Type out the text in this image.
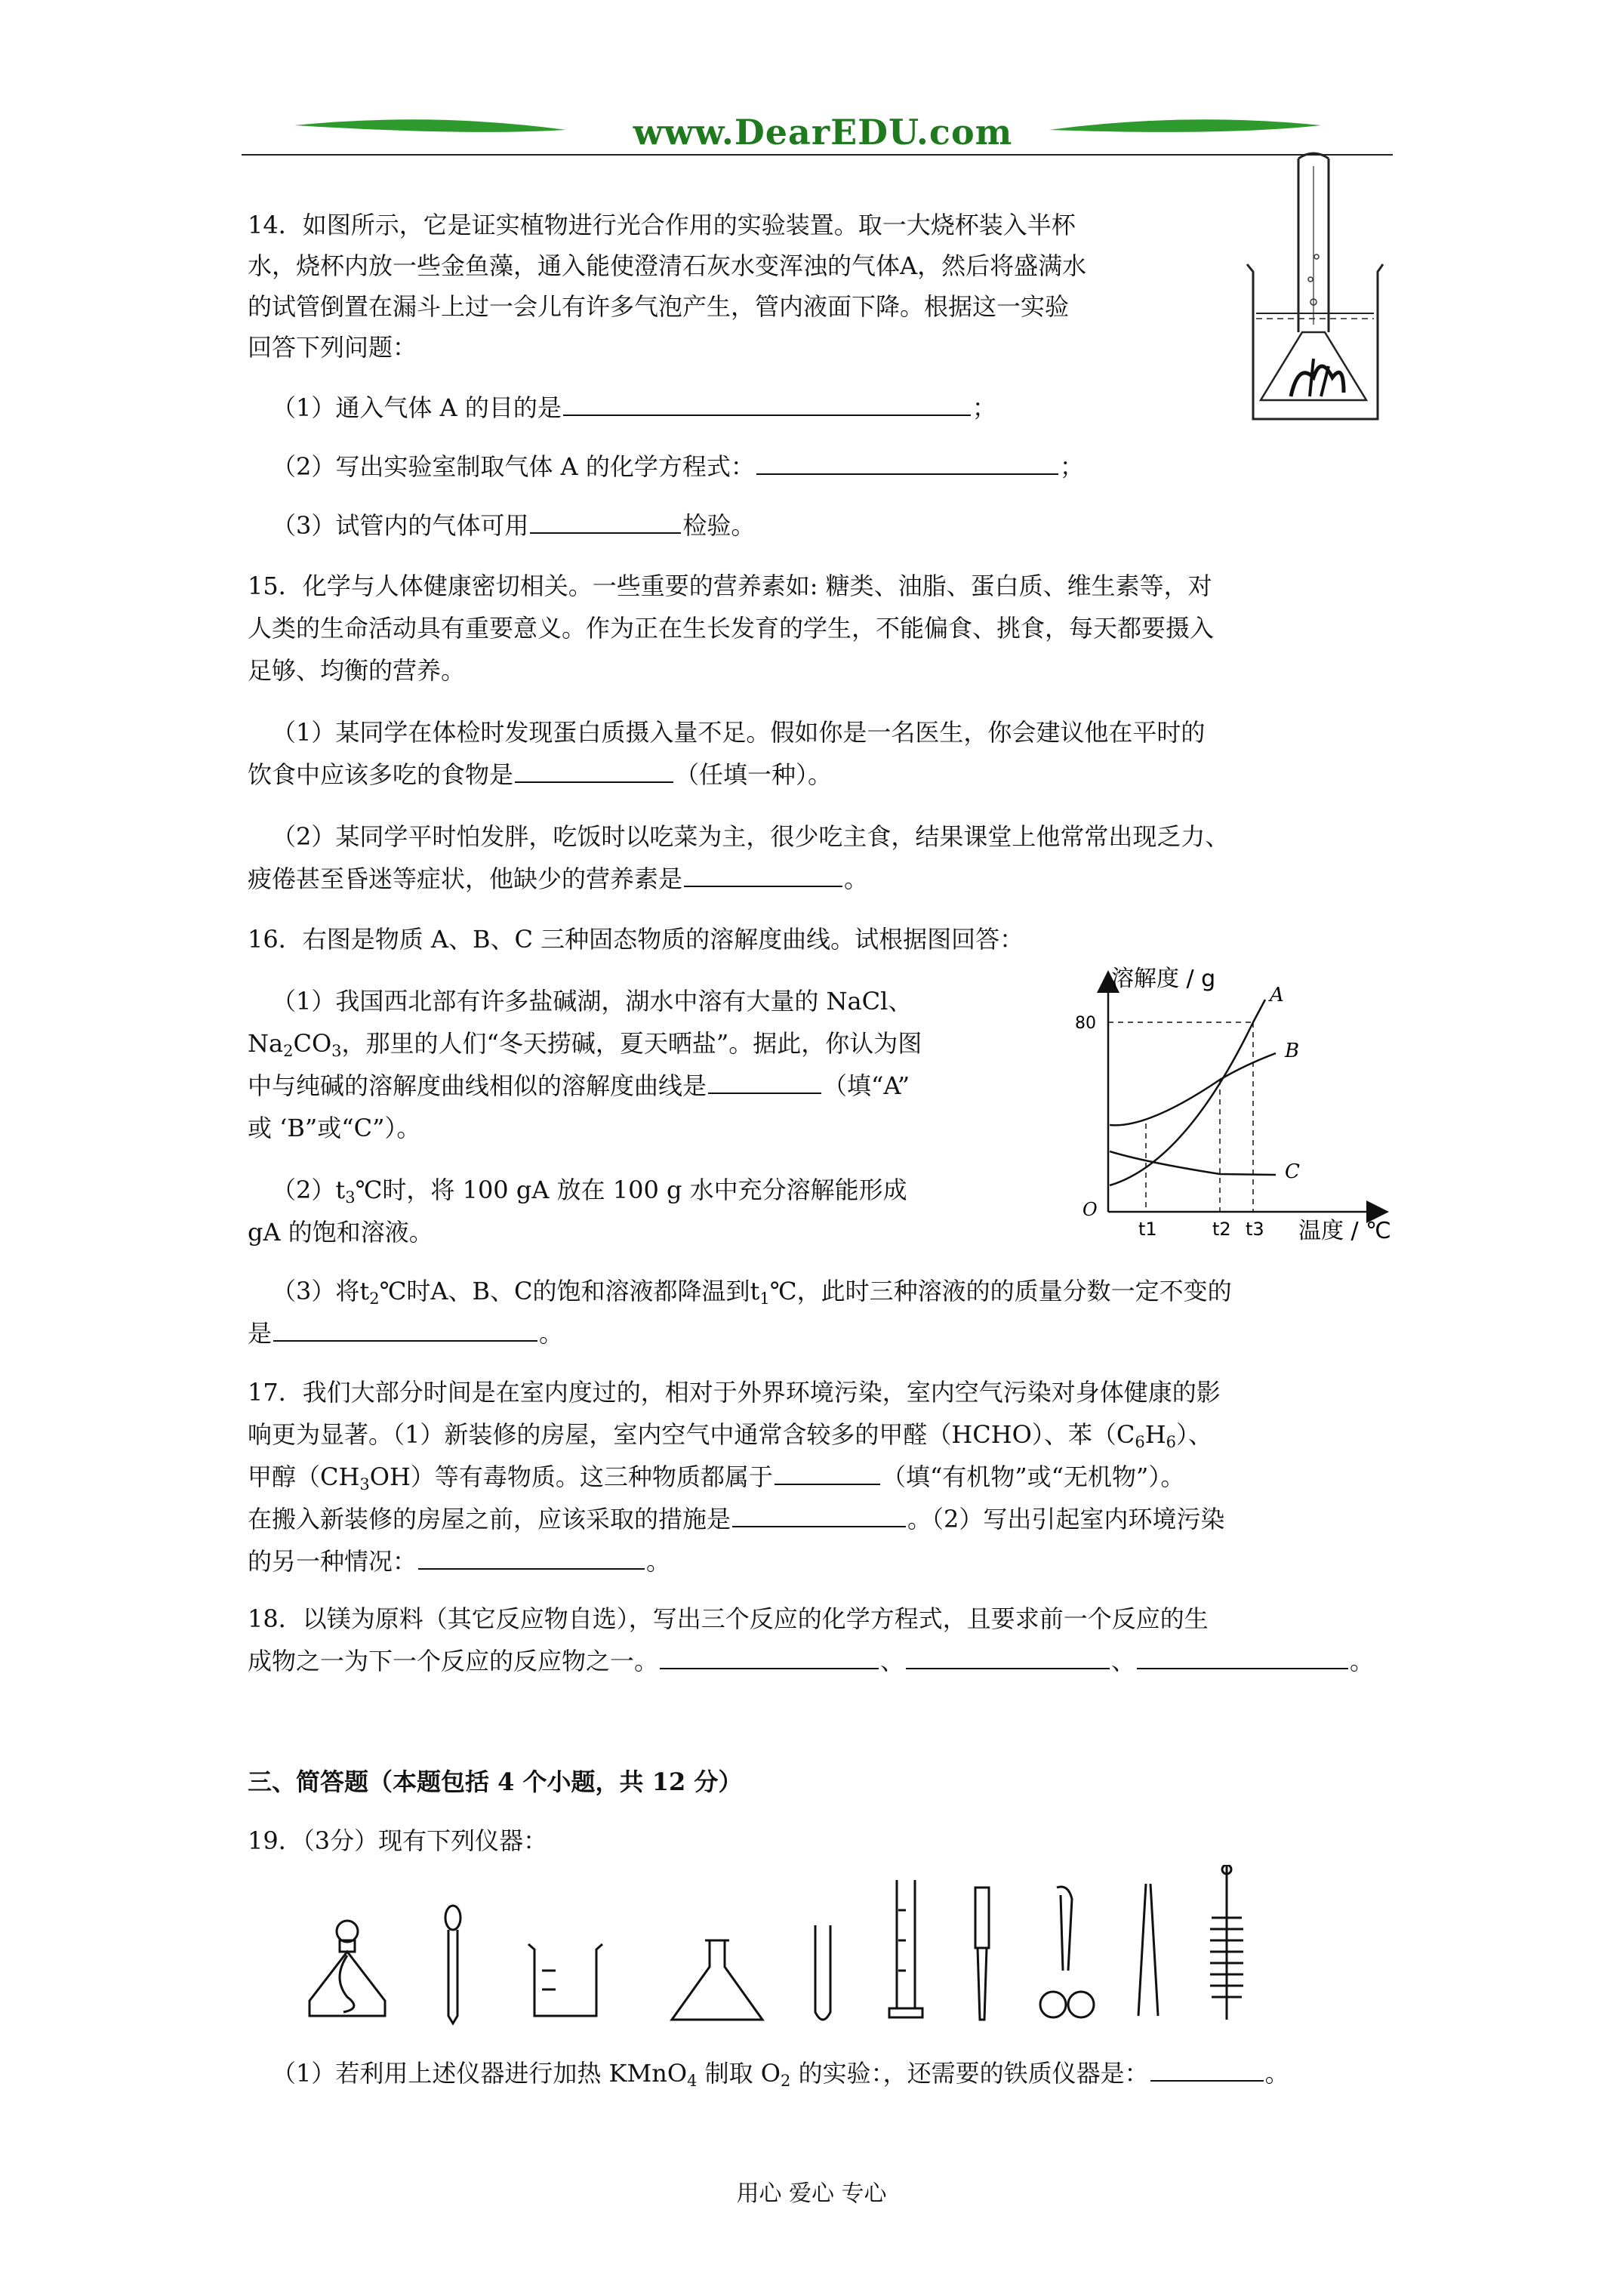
www.DearEDU.com
14．如图所示，它是证实植物进行光合作用的实验装置。取一大烧杯装入半杯
水，烧杯内放一些金鱼藻，通入能使澄清石灰水变浑浊的气体A，然后将盛满水
的试管倒置在漏斗上过一会儿有许多气泡产生，管内液面下降。根据这一实验
回答下列问题：
（1）通入气体 A 的目的是	；
（2）写出实验室制取气体 A 的化学方程式：	；
（3）试管内的气体可用	检验。
15．化学与人体健康密切相关。一些重要的营养素如: 糖类、油脂、蛋白质、维生素等，对
人类的生命活动具有重要意义。作为正在生长发育的学生，不能偏食、挑食，每天都要摄入
足够、均衡的营养。
（1）某同学在体检时发现蛋白质摄入量不足。假如你是一名医生，你会建议他在平时的
饮食中应该多吃的食物是	（任填一种）。
（2）某同学平时怕发胖，吃饭时以吃菜为主，很少吃主食，结果课堂上他常常出现乏力、
疲倦甚至昏迷等症状，他缺少的营养素是	。
16．右图是物质 A、B、C 三种固态物质的溶解度曲线。试根据图回答：
（1）我国西北部有许多盐碱湖，湖水中溶有大量的 NaCl、
$Na_2CO_3$，那里的人们“冬天捞碱，夏天晒盐”。据此，你认为图
中与纯碱的溶解度曲线相似的溶解度曲线是	（填“A”
或 ‘B”或“C”）。
$(2)t_3℃$时，将 100 gA 放在 100 g 水中充分溶解能形成
gA 的饱和溶液。
溶解度 / g
温度 / ℃
O
80
t1	t2 t3
A
B
C
（3）将$t_2℃$时A、B、C的饱和溶液都降温到$t_1℃$，此时三种溶液的的质量分数一定不变的
是	。
17．我们大部分时间是在室内度过的，相对于外界环境污染，室内空气污染对身体健康的影
响更为显著。（1）新装修的房屋，室内空气中通常含较多的甲醛（HCHO）、苯$(C_6H_6)$、
甲醇$(CH_3OH)$等有毒物质。这三种物质都属于	（填“有机物”或“无机物”）。
在搬入新装修的房屋之前，应该采取的措施是	。（2）写出引起室内环境污染
的另一种情况：	。
18．以镁为原料（其它反应物自选），写出三个反应的化学方程式，且要求前一个反应的生
成物之一为下一个反应的反应物之一。	、	、	。
三、简答题（本题包括 4 个小题，共 12 分）
19．（3分）现有下列仪器：
（1）若利用上述仪器进行加热 KMnO$_4$ 制取 $O_2$ 的实验：，还需要的铁质仪器是：	。
用心 爱心 专心
